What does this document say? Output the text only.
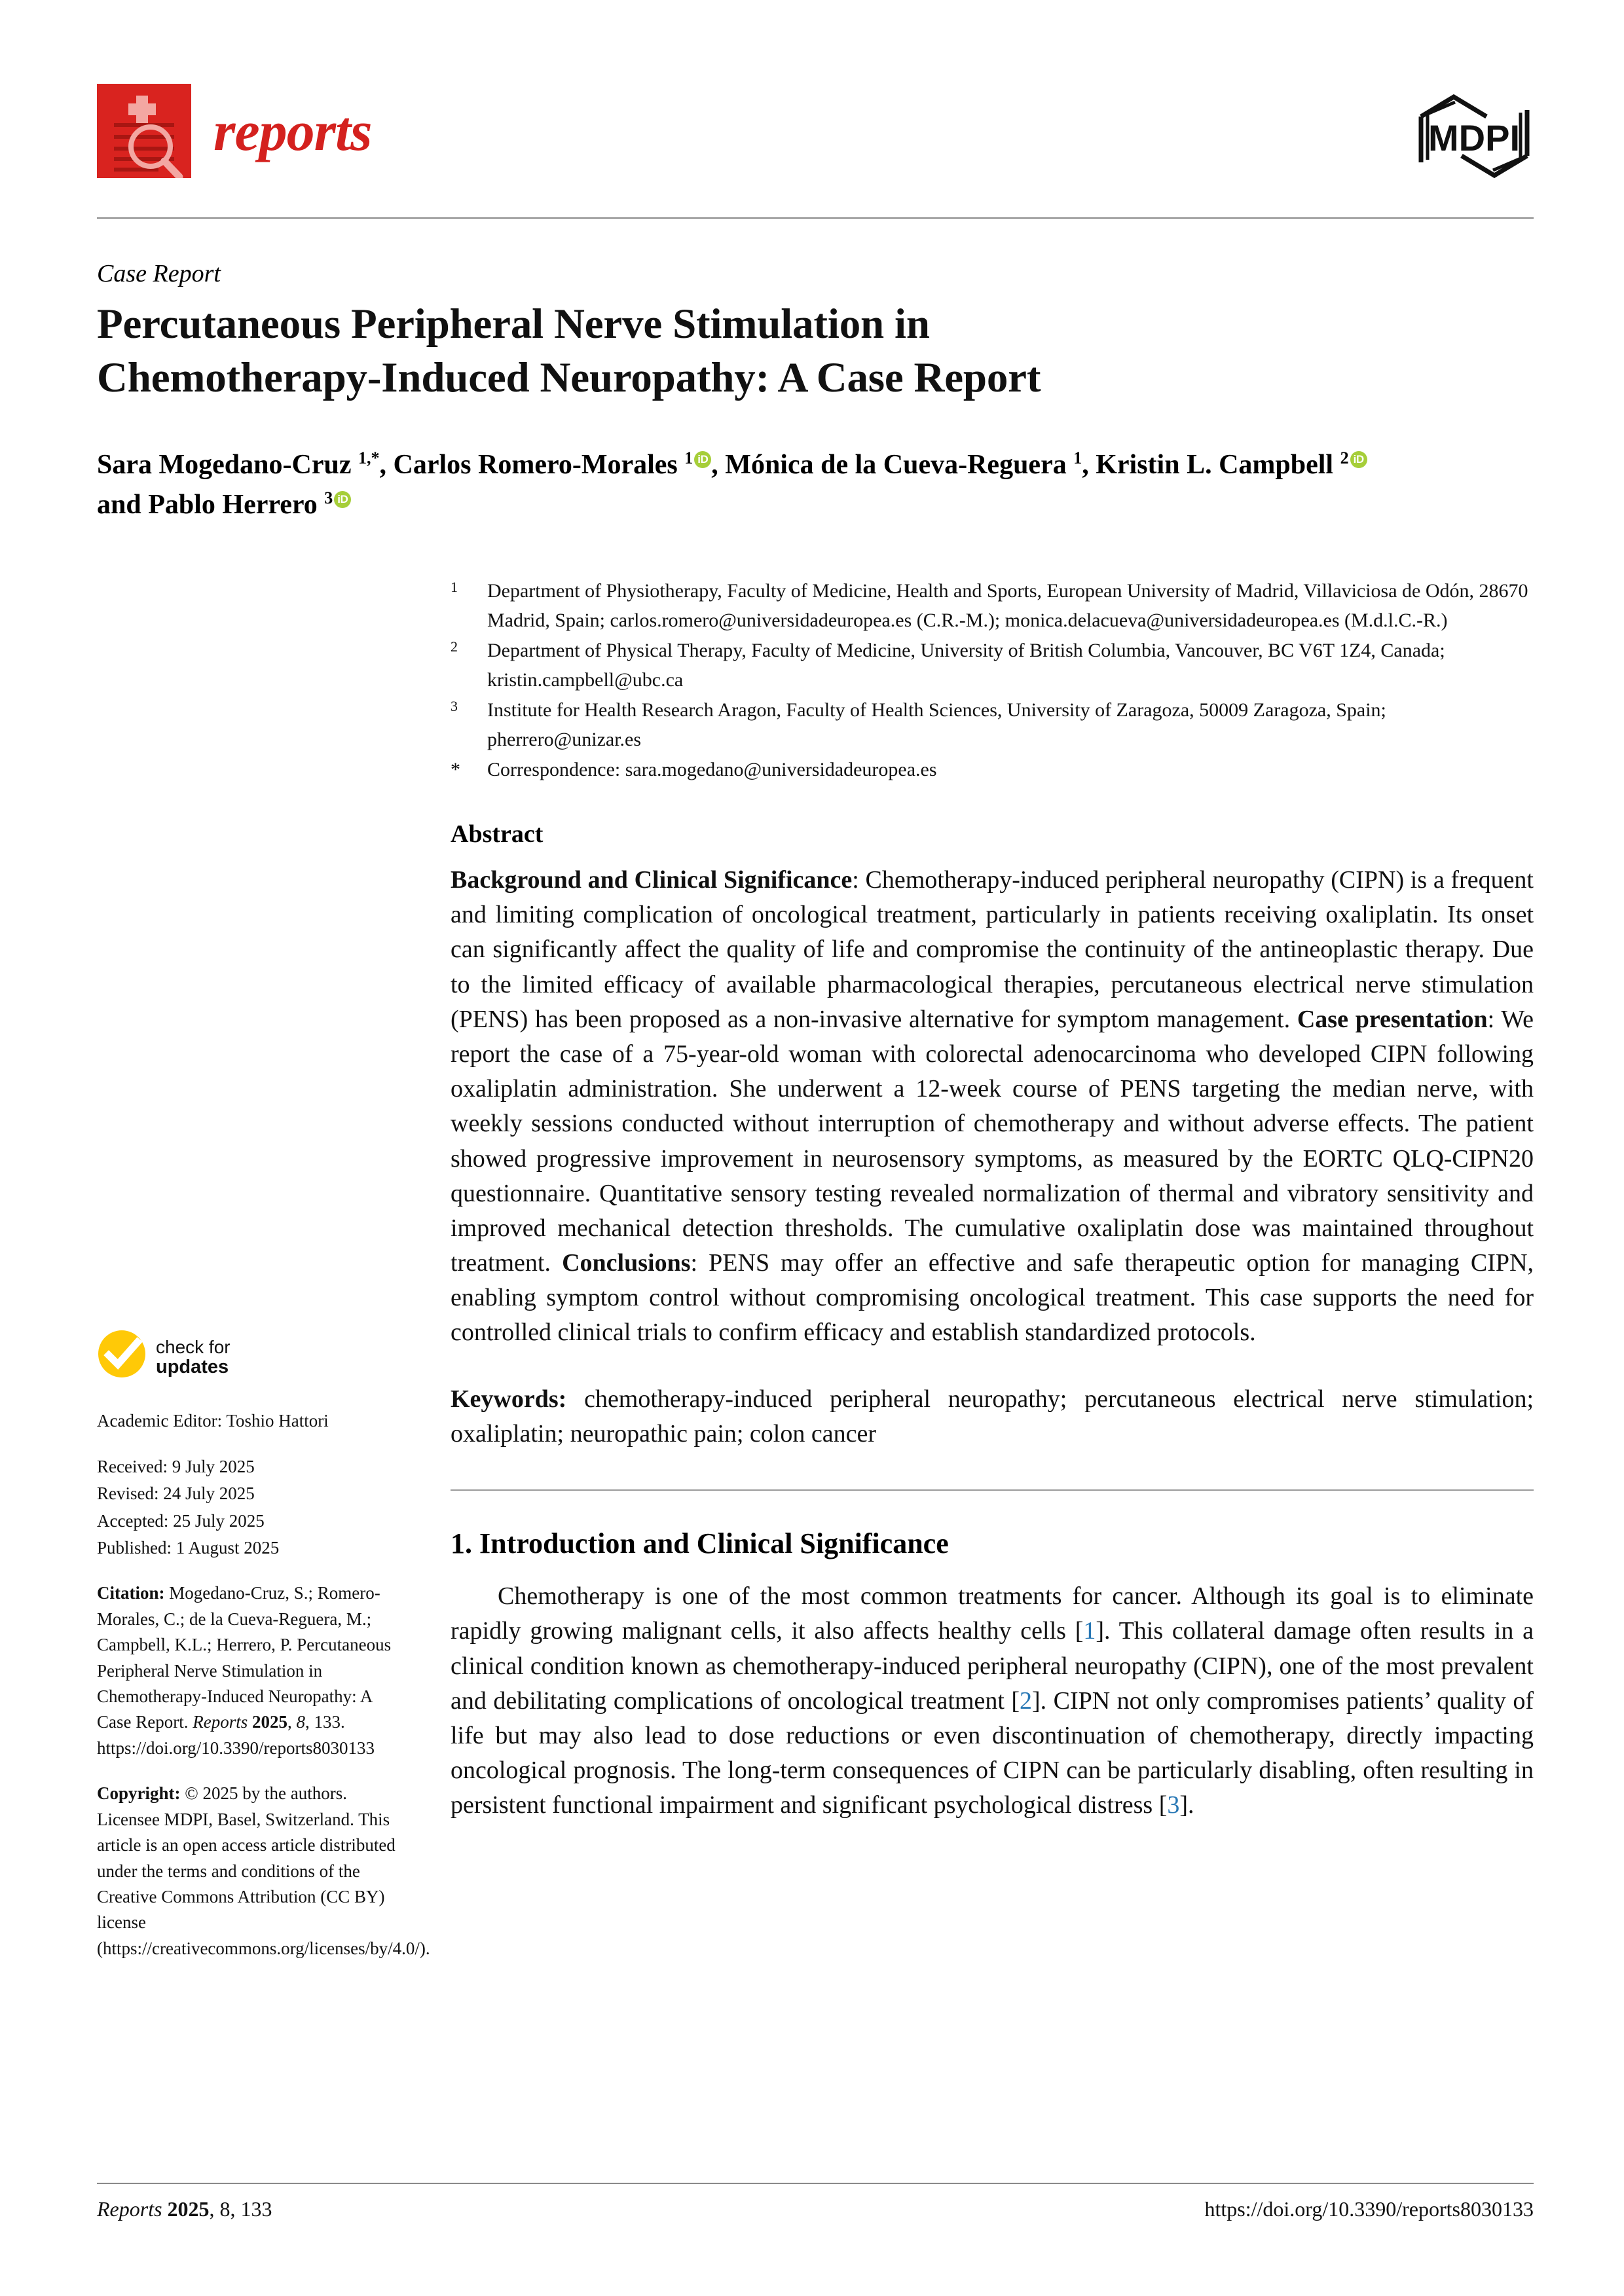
reports	MDPI
Case Report
Percutaneous Peripheral Nerve Stimulation in Chemotherapy-Induced Neuropathy: A Case Report
Sara Mogedano-Cruz $^{1,*}$, Carlos Romero-Morales $^1$ iD , Mónica de la Cueva-Reguera $^1$, Kristin L. Campbell $^2$ iD
and Pablo Herrero $^3$ iD
$^1$	Department of Physiotherapy, Faculty of Medicine, Health and Sports, European University of Madrid, Villaviciosa de Odón, 28670 Madrid, Spain; carlos.romero@universidadeuropea.es (C.R.-M.); monica.delacueva@universidadeuropea.es (M.d.l.C.-R.)
$^2$	Department of Physical Therapy, Faculty of Medicine, University of British Columbia, Vancouver, BC V6T 1Z4, Canada; kristin.campbell@ubc.ca
$^3$	Institute for Health Research Aragon, Faculty of Health Sciences, University of Zaragoza, 50009 Zaragoza, Spain; pherrero@unizar.es
*	Correspondence: sara.mogedano@universidadeuropea.es
Abstract
Background and Clinical Significance: Chemotherapy-induced peripheral neuropathy (CIPN) is a frequent and limiting complication of oncological treatment, particularly in patients receiving oxaliplatin. Its onset can significantly affect the quality of life and compromise the continuity of the antineoplastic therapy. Due to the limited efficacy of available pharmacological therapies, percutaneous electrical nerve stimulation (PENS) has been proposed as a non-invasive alternative for symptom management. Case presentation: We report the case of a 75-year-old woman with colorectal adenocarcinoma who developed CIPN following oxaliplatin administration. She underwent a 12-week course of PENS targeting the median nerve, with weekly sessions conducted without interruption of chemotherapy and without adverse effects. The patient showed progressive improvement in neurosensory symptoms, as measured by the EORTC QLQ-CIPN20 questionnaire. Quantitative sensory testing revealed normalization of thermal and vibratory sensitivity and improved mechanical detection thresholds. The cumulative oxaliplatin dose was maintained throughout treatment. Conclusions: PENS may offer an effective and safe therapeutic option for managing CIPN, enabling symptom control without compromising oncological treatment. This case supports the need for controlled clinical trials to confirm efficacy and establish standardized protocols.
Keywords: chemotherapy-induced peripheral neuropathy; percutaneous electrical nerve stimulation; oxaliplatin; neuropathic pain; colon cancer
1. Introduction and Clinical Significance
Chemotherapy is one of the most common treatments for cancer. Although its goal is to eliminate rapidly growing malignant cells, it also affects healthy cells [1]. This collateral damage often results in a clinical condition known as chemotherapy-induced peripheral neuropathy (CIPN), one of the most prevalent and debilitating complications of oncological treatment [2]. CIPN not only compromises patients’ quality of life but may also lead to dose reductions or even discontinuation of chemotherapy, directly impacting oncological prognosis. The long-term consequences of CIPN can be particularly disabling, often resulting in persistent functional impairment and significant psychological distress [3].
check for
updates
Academic Editor: Toshio Hattori
Received: 9 July 2025
Revised: 24 July 2025
Accepted: 25 July 2025
Published: 1 August 2025
Citation: Mogedano-Cruz, S.; Romero-Morales, C.; de la Cueva-Reguera, M.; Campbell, K.L.; Herrero, P. Percutaneous Peripheral Nerve Stimulation in Chemotherapy-Induced Neuropathy: A Case Report. Reports 2025, 8, 133. https://doi.org/10.3390/reports8030133
Copyright: © 2025 by the authors. Licensee MDPI, Basel, Switzerland. This article is an open access article distributed under the terms and conditions of the Creative Commons Attribution (CC BY) license (https://creativecommons.org/licenses/by/4.0/).
Reports 2025, 8, 133	https://doi.org/10.3390/reports8030133
